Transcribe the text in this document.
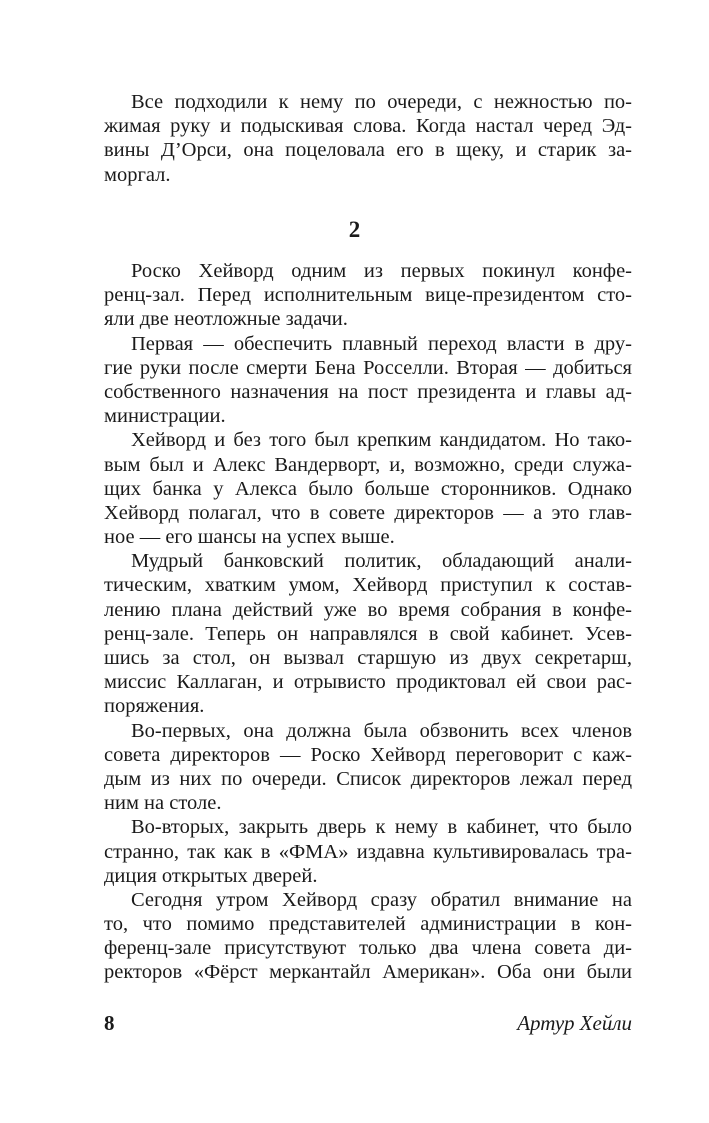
Все подходили к нему по очереди, с нежностью по-
жимая руку и подыскивая слова. Когда настал черед Эд-
вины Д’Орси, она поцеловала его в щеку, и старик за-
моргал.
2
Роско Хейворд одним из первых покинул конфе-
ренц-зал. Перед исполнительным вице-президентом сто-
яли две неотложные задачи.
Первая — обеспечить плавный переход власти в дру-
гие руки после смерти Бена Росселли. Вторая — добиться
собственного назначения на пост президента и главы ад-
министрации.
Хейворд и без того был крепким кандидатом. Но тако-
вым был и Алекс Вандерворт, и, возможно, среди служа-
щих банка у Алекса было больше сторонников. Однако
Хейворд полагал, что в совете директоров — а это глав-
ное — его шансы на успех выше.
Мудрый банковский политик, обладающий анали-
тическим, хватким умом, Хейворд приступил к состав-
лению плана действий уже во время собрания в конфе-
ренц-зале. Теперь он направлялся в свой кабинет. Усев-
шись за стол, он вызвал старшую из двух секретарш,
миссис Каллаган, и отрывисто продиктовал ей свои рас-
поряжения.
Во-первых, она должна была обзвонить всех членов
совета директоров — Роско Хейворд переговорит с каж-
дым из них по очереди. Список директоров лежал перед
ним на столе.
Во-вторых, закрыть дверь к нему в кабинет, что было
странно, так как в «ФМА» издавна культивировалась тра-
диция открытых дверей.
Сегодня утром Хейворд сразу обратил внимание на
то, что помимо представителей администрации в кон-
ференц-зале присутствуют только два члена совета ди-
ректоров «Фёрст меркантайл Американ». Оба они были
8	Артур Хейли
